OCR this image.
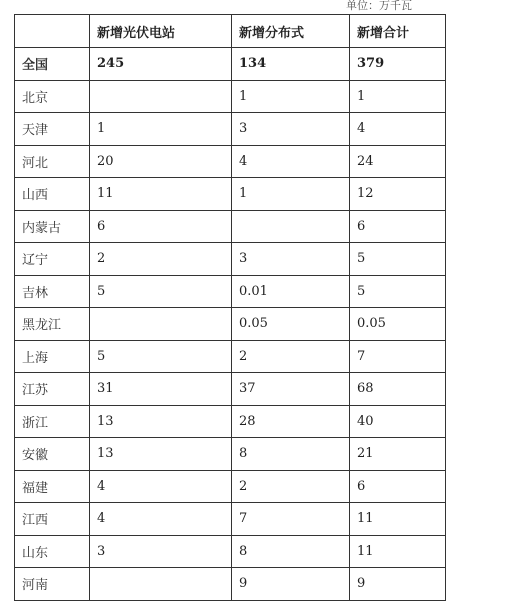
单位：万千瓦
	新增光伏电站	新增分布式	新增合计
全国	245	134	379
北京		1	1
天津	1	3	4
河北	20	4	24
山西	11	1	12
内蒙古	6		6
辽宁	2	3	5
吉林	5	0.01	5
黑龙江		0.05	0.05
上海	5	2	7
江苏	31	37	68
浙江	13	28	40
安徽	13	8	21
福建	4	2	6
江西	4	7	11
山东	3	8	11
河南		9	9
